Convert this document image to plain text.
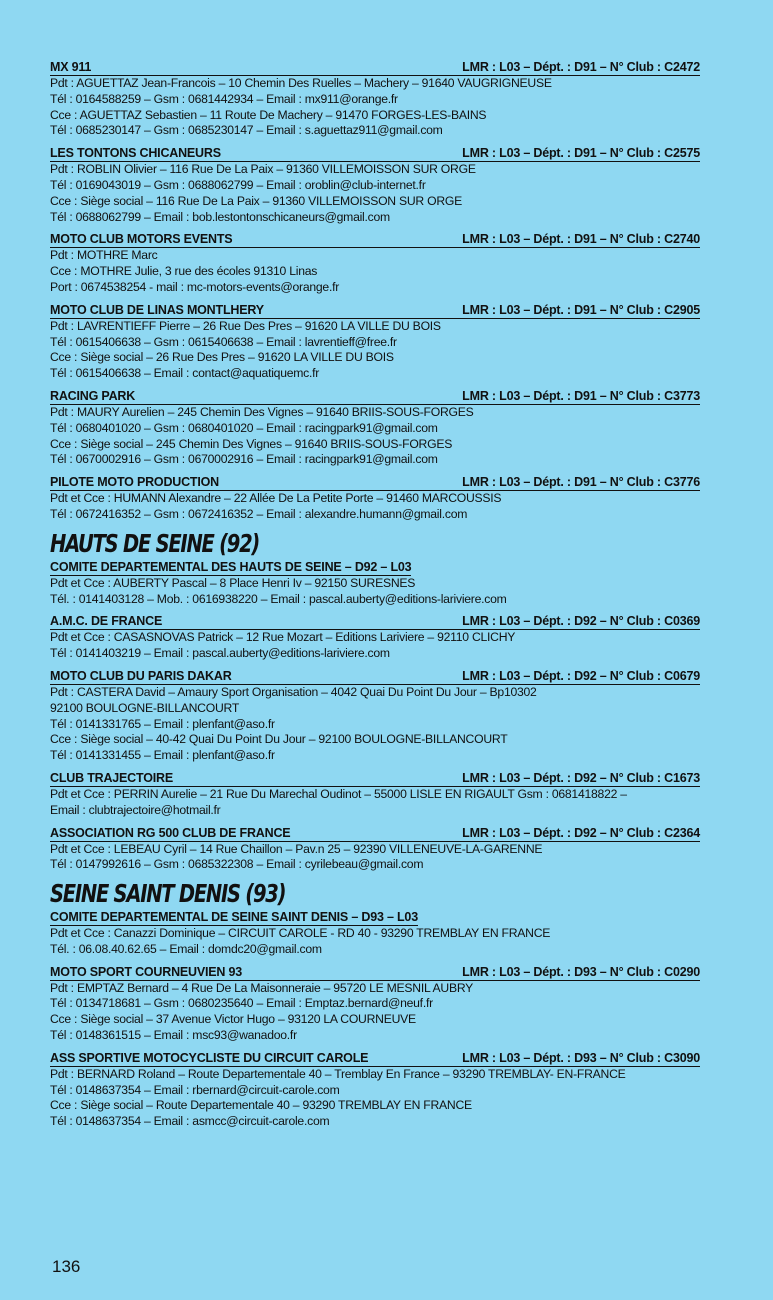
MX 911	LMR : L03 – Dépt. : D91 – N° Club : C2472
Pdt : AGUETTAZ Jean-Francois – 10 Chemin Des Ruelles – Machery – 91640 VAUGRIGNEUSE
Tél : 0164588259 – Gsm : 0681442934 – Email : mx911@orange.fr
Cce : AGUETTAZ Sebastien – 11 Route De Machery – 91470 FORGES-LES-BAINS
Tél : 0685230147 – Gsm : 0685230147 – Email : s.aguettaz911@gmail.com
LES TONTONS CHICANEURS	LMR : L03 – Dépt. : D91 – N° Club : C2575
Pdt : ROBLIN Olivier – 116 Rue De La Paix – 91360 VILLEMOISSON SUR ORGE
Tél : 0169043019 – Gsm : 0688062799 – Email : oroblin@club-internet.fr
Cce : Siège social – 116 Rue De La Paix – 91360 VILLEMOISSON SUR ORGE
Tél : 0688062799 – Email : bob.lestontonschicaneurs@gmail.com
MOTO CLUB MOTORS EVENTS	LMR : L03 – Dépt. : D91 – N° Club : C2740
Pdt : MOTHRE Marc
Cce : MOTHRE Julie, 3 rue des écoles 91310 Linas
Port : 0674538254 - mail : mc-motors-events@orange.fr
MOTO CLUB DE LINAS MONTLHERY	LMR : L03 – Dépt. : D91 – N° Club : C2905
Pdt : LAVRENTIEFF Pierre – 26 Rue Des Pres – 91620 LA VILLE DU BOIS
Tél : 0615406638 – Gsm : 0615406638 – Email : lavrentieff@free.fr
Cce : Siège social – 26 Rue Des Pres – 91620 LA VILLE DU BOIS
Tél : 0615406638 – Email : contact@aquatiquemc.fr
RACING PARK	LMR : L03 – Dépt. : D91 – N° Club : C3773
Pdt : MAURY Aurelien – 245 Chemin Des Vignes – 91640 BRIIS-SOUS-FORGES
Tél : 0680401020 – Gsm : 0680401020 – Email : racingpark91@gmail.com
Cce : Siège social – 245 Chemin Des Vignes – 91640 BRIIS-SOUS-FORGES
Tél : 0670002916 – Gsm : 0670002916 – Email : racingpark91@gmail.com
PILOTE MOTO PRODUCTION	LMR : L03 – Dépt. : D91 – N° Club : C3776
Pdt et Cce : HUMANN Alexandre – 22 Allée De La Petite Porte – 91460 MARCOUSSIS
Tél : 0672416352 – Gsm : 0672416352 – Email : alexandre.humann@gmail.com
HAUTS DE SEINE (92)
COMITE DEPARTEMENTAL DES HAUTS DE SEINE – D92 – L03
Pdt et Cce : AUBERTY Pascal – 8 Place Henri Iv – 92150 SURESNES
Tél. : 0141403128 – Mob. : 0616938220 – Email : pascal.auberty@editions-lariviere.com
A.M.C. DE FRANCE	LMR : L03 – Dépt. : D92 – N° Club : C0369
Pdt et Cce : CASASNOVAS Patrick – 12 Rue Mozart – Editions Lariviere – 92110 CLICHY
Tél : 0141403219 – Email : pascal.auberty@editions-lariviere.com
MOTO CLUB DU PARIS DAKAR	LMR : L03 – Dépt. : D92 – N° Club : C0679
Pdt : CASTERA David – Amaury Sport Organisation – 4042 Quai Du Point Du Jour – Bp10302
92100 BOULOGNE-BILLANCOURT
Tél : 0141331765 – Email : plenfant@aso.fr
Cce : Siège social – 40-42 Quai Du Point Du Jour – 92100 BOULOGNE-BILLANCOURT
Tél : 0141331455 – Email : plenfant@aso.fr
CLUB TRAJECTOIRE	LMR : L03 – Dépt. : D92 – N° Club : C1673
Pdt et Cce : PERRIN Aurelie – 21 Rue Du Marechal Oudinot – 55000 LISLE EN RIGAULT Gsm : 0681418822 –
Email : clubtrajectoire@hotmail.fr
ASSOCIATION RG 500 CLUB DE FRANCE	LMR : L03 – Dépt. : D92 – N° Club : C2364
Pdt et Cce : LEBEAU Cyril – 14 Rue Chaillon – Pav.n 25 – 92390 VILLENEUVE-LA-GARENNE
Tél : 0147992616 – Gsm : 0685322308 – Email : cyrilebeau@gmail.com
SEINE SAINT DENIS (93)
COMITE DEPARTEMENTAL DE SEINE SAINT DENIS – D93 – L03
Pdt et Cce : Canazzi Dominique – CIRCUIT CAROLE - RD 40 - 93290 TREMBLAY EN FRANCE
Tél. : 06.08.40.62.65 – Email : domdc20@gmail.com
MOTO SPORT COURNEUVIEN 93	LMR : L03 – Dépt. : D93 – N° Club : C0290
Pdt : EMPTAZ Bernard – 4 Rue De La Maisonneraie – 95720 LE MESNIL AUBRY
Tél : 0134718681 – Gsm : 0680235640 – Email : Emptaz.bernard@neuf.fr
Cce : Siège social – 37 Avenue Victor Hugo – 93120 LA COURNEUVE
Tél : 0148361515 – Email : msc93@wanadoo.fr
ASS SPORTIVE MOTOCYCLISTE DU CIRCUIT CAROLE	LMR : L03 – Dépt. : D93 – N° Club : C3090
Pdt : BERNARD Roland – Route Departementale 40 – Tremblay En France – 93290 TREMBLAY- EN-FRANCE
Tél : 0148637354 – Email : rbernard@circuit-carole.com
Cce : Siège social – Route Departementale 40 – 93290 TREMBLAY EN FRANCE
Tél : 0148637354 – Email : asmcc@circuit-carole.com
136
